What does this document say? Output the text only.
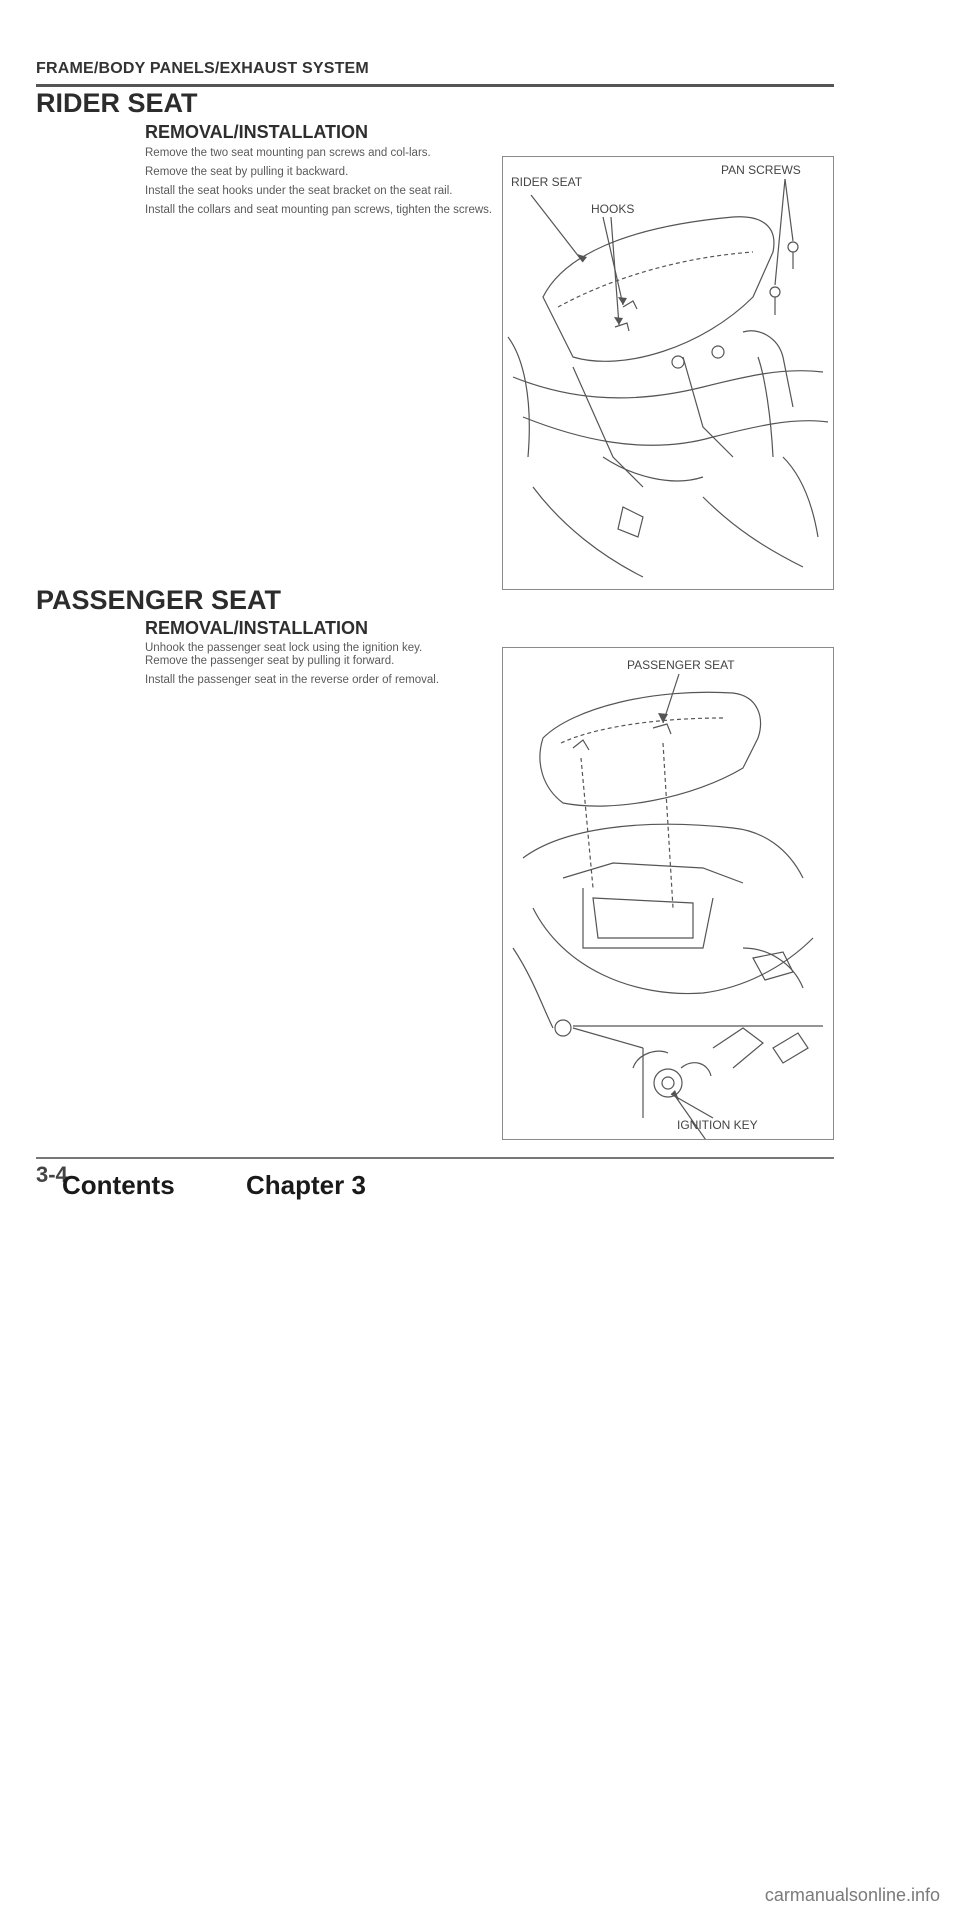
FRAME/BODY PANELS/EXHAUST SYSTEM
RIDER SEAT
REMOVAL/INSTALLATION

Remove the two seat mounting pan screws and col-lars.

Remove the seat by pulling it backward.

Install the seat hooks under the seat bracket on the seat rail.

Install the collars and seat mounting pan screws, tighten the screws.

RIDER SEAT
PAN SCREWS
HOOKS
PASSENGER SEAT
REMOVAL/INSTALLATION

Unhook the passenger seat lock using the ignition key.

Remove the passenger seat by pulling it forward.

Install the passenger seat in the reverse order of removal.

PASSENGER SEAT
IGNITION KEY
3-4
Contents	Chapter 3
carmanualsonline.info
